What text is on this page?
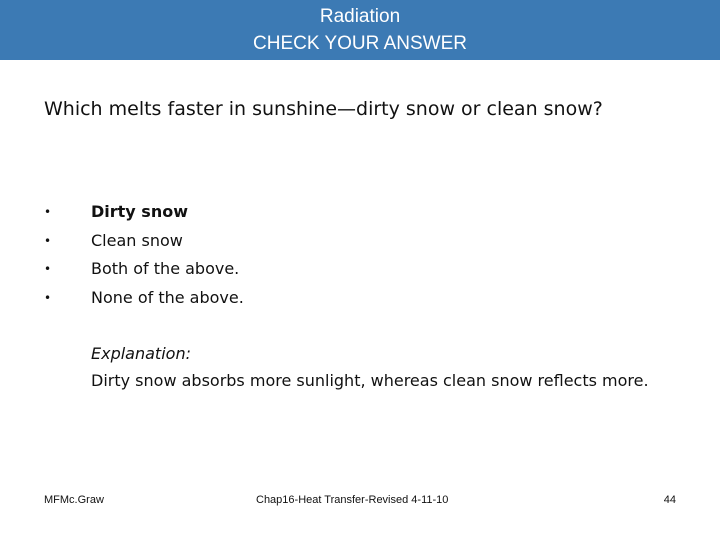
Radiation
CHECK YOUR ANSWER
Which melts faster in sunshine—dirty snow or clean snow?
• Dirty snow
• Clean snow
• Both of the above.
• None of the above.
Explanation:
Dirty snow absorbs more sunlight, whereas clean snow reflects more.
MFMc.Graw	Chap16-Heat Transfer-Revised 4-11-10	44
